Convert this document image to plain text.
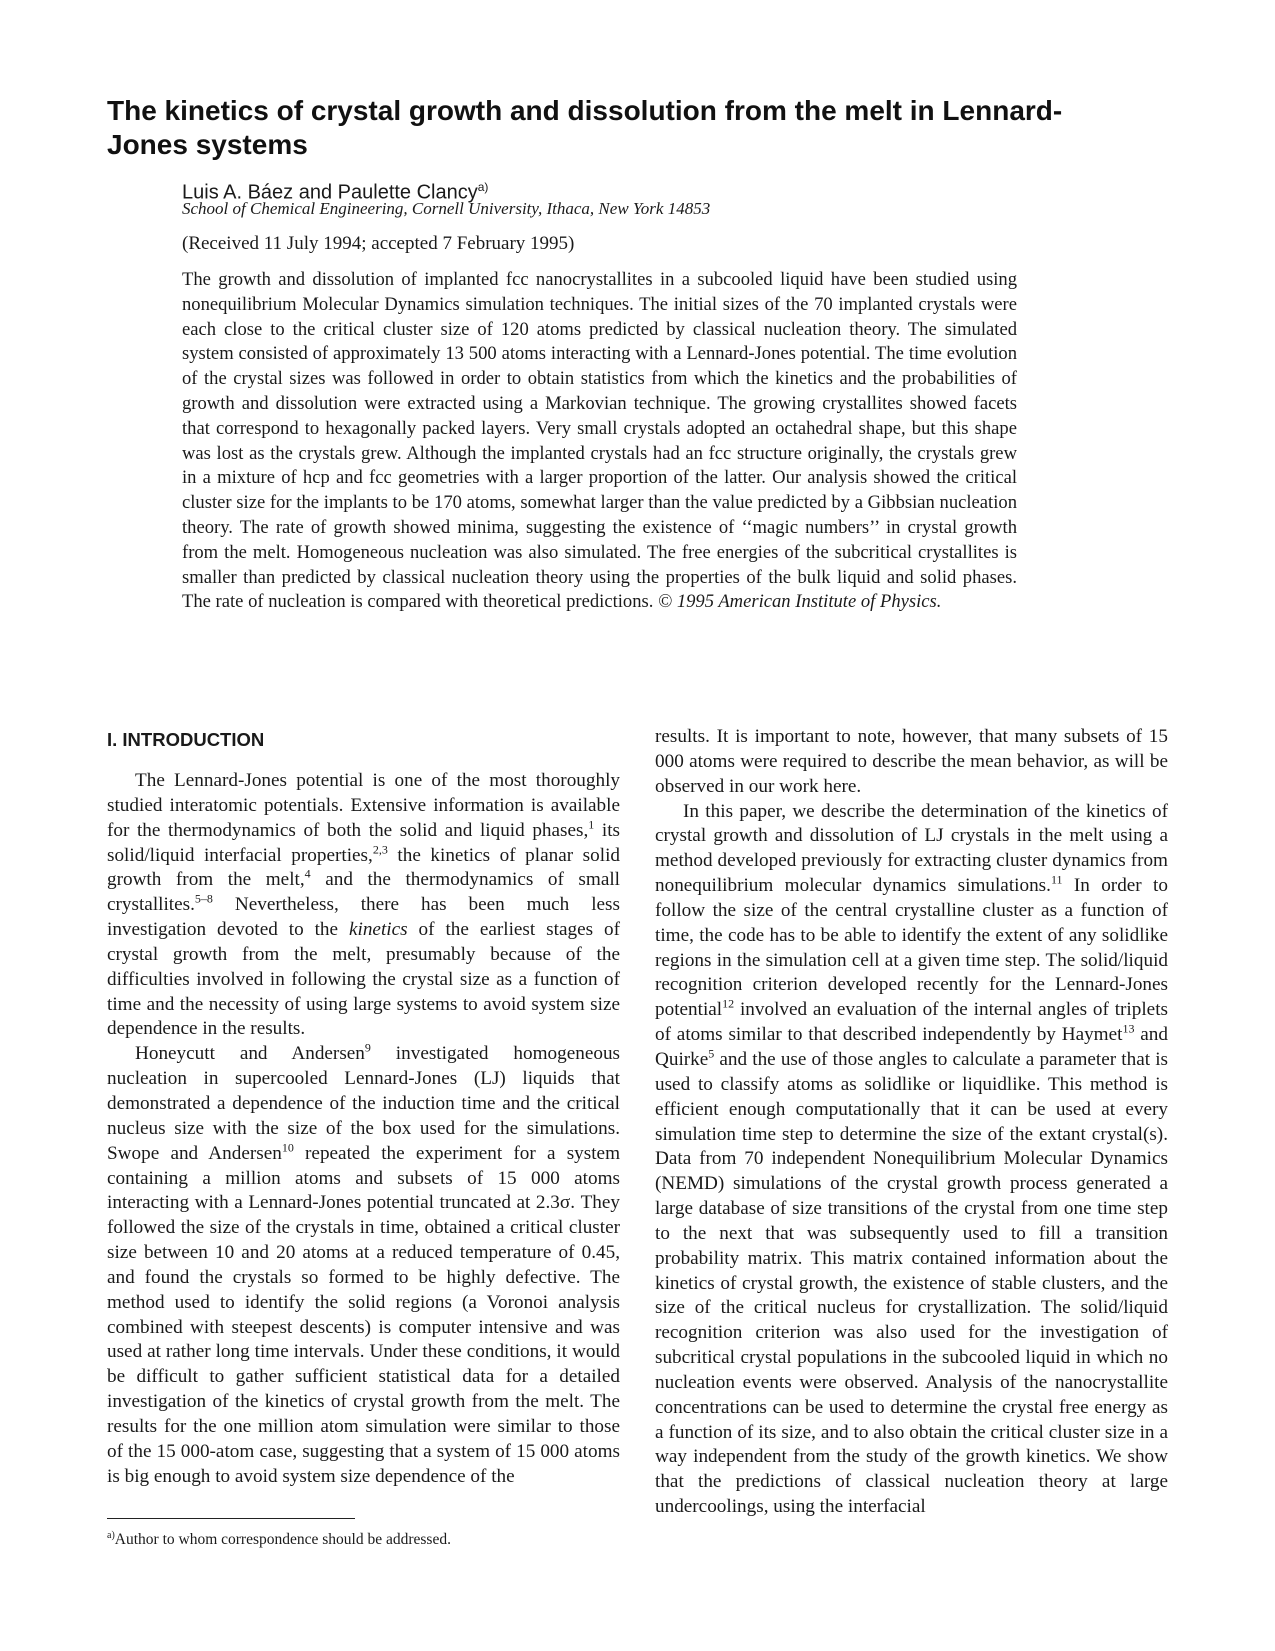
The kinetics of crystal growth and dissolution from the melt in Lennard-Jones systems
Luis A. Báez and Paulette Clancy$^{a)}$
School of Chemical Engineering, Cornell University, Ithaca, New York 14853
(Received 11 July 1994; accepted 7 February 1995)

The growth and dissolution of implanted fcc nanocrystallites in a subcooled liquid have been studied using nonequilibrium Molecular Dynamics simulation techniques. The initial sizes of the 70 implanted crystals were each close to the critical cluster size of 120 atoms predicted by classical nucleation theory. The simulated system consisted of approximately 13 500 atoms interacting with a Lennard-Jones potential. The time evolution of the crystal sizes was followed in order to obtain statistics from which the kinetics and the probabilities of growth and dissolution were extracted using a Markovian technique. The growing crystallites showed facets that correspond to hexagonally packed layers. Very small crystals adopted an octahedral shape, but this shape was lost as the crystals grew. Although the implanted crystals had an fcc structure originally, the crystals grew in a mixture of hcp and fcc geometries with a larger proportion of the latter. Our analysis showed the critical cluster size for the implants to be 170 atoms, somewhat larger than the value predicted by a Gibbsian nucleation theory. The rate of growth showed minima, suggesting the existence of ‘‘magic numbers’’ in crystal growth from the melt. Homogeneous nucleation was also simulated. The free energies of the subcritical crystallites is smaller than predicted by classical nucleation theory using the properties of the bulk liquid and solid phases. The rate of nucleation is compared with theoretical predictions. © 1995 American Institute of Physics.

I. INTRODUCTION

The Lennard-Jones potential is one of the most thoroughly studied interatomic potentials. Extensive information is available for the thermodynamics of both the solid and liquid phases,$^1$ its solid/liquid interfacial properties,$^{2,3}$ the kinetics of planar solid growth from the melt,$^4$ and the thermodynamics of small crystallites.$^{5-8}$ Nevertheless, there has been much less investigation devoted to the kinetics of the earliest stages of crystal growth from the melt, presumably because of the difficulties involved in following the crystal size as a function of time and the necessity of using large systems to avoid system size dependence in the results.

Honeycutt and Andersen$^9$ investigated homogeneous nucleation in supercooled Lennard-Jones (LJ) liquids that demonstrated a dependence of the induction time and the critical nucleus size with the size of the box used for the simulations. Swope and Andersen$^{10}$ repeated the experiment for a system containing a million atoms and subsets of 15 000 atoms interacting with a Lennard-Jones potential truncated at 2.3σ. They followed the size of the crystals in time, obtained a critical cluster size between 10 and 20 atoms at a reduced temperature of 0.45, and found the crystals so formed to be highly defective. The method used to identify the solid regions (a Voronoi analysis combined with steepest descents) is computer intensive and was used at rather long time intervals. Under these conditions, it would be difficult to gather sufficient statistical data for a detailed investigation of the kinetics of crystal growth from the melt. The results for the one million atom simulation were similar to those of the 15 000-atom case, suggesting that a system of 15 000 atoms is big enough to avoid system size dependence of the

results. It is important to note, however, that many subsets of 15 000 atoms were required to describe the mean behavior, as will be observed in our work here.

In this paper, we describe the determination of the kinetics of crystal growth and dissolution of LJ crystals in the melt using a method developed previously for extracting cluster dynamics from nonequilibrium molecular dynamics simulations.$^{11}$ In order to follow the size of the central crystalline cluster as a function of time, the code has to be able to identify the extent of any solidlike regions in the simulation cell at a given time step. The solid/liquid recognition criterion developed recently for the Lennard-Jones potential$^{12}$ involved an evaluation of the internal angles of triplets of atoms similar to that described independently by Haymet$^{13}$ and Quirke$^5$ and the use of those angles to calculate a parameter that is used to classify atoms as solidlike or liquidlike. This method is efficient enough computationally that it can be used at every simulation time step to determine the size of the extant crystal(s). Data from 70 independent Nonequilibrium Molecular Dynamics (NEMD) simulations of the crystal growth process generated a large database of size transitions of the crystal from one time step to the next that was subsequently used to fill a transition probability matrix. This matrix contained information about the kinetics of crystal growth, the existence of stable clusters, and the size of the critical nucleus for crystallization. The solid/liquid recognition criterion was also used for the investigation of subcritical crystal populations in the subcooled liquid in which no nucleation events were observed. Analysis of the nanocrystallite concentrations can be used to determine the crystal free energy as a function of its size, and to also obtain the critical cluster size in a way independent from the study of the growth kinetics. We show that the predictions of classical nucleation theory at large undercoolings, using the interfacial

$^{a)}$Author to whom correspondence should be addressed.
